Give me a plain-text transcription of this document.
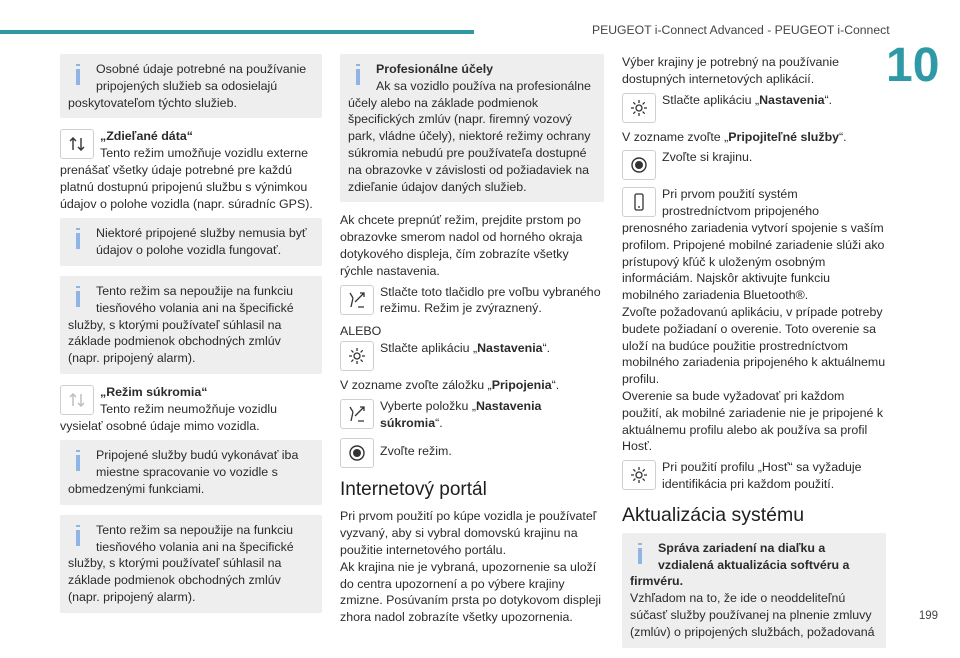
PEUGEOT i-Connect Advanced - PEUGEOT i-Connect
10
199

Osobné údaje potrebné na používanie pripojených služieb sa odosielajú poskytovateľom týchto služieb.

„Zdieľané dáta“

Tento režim umožňuje vozidlu externe prenášať všetky údaje potrebné pre každú platnú dostupnú pripojenú službu s výnimkou údajov o polohe vozidla (napr. súradníc GPS).

Niektoré pripojené služby nemusia byť údajov o polohe vozidla fungovať.

Tento režim sa nepoužije na funkciu tiesňového volania ani na špecifické služby, s ktorými používateľ súhlasil na základe podmienok obchodných zmlúv (napr. pripojený alarm).

„Režim súkromia“

Tento režim neumožňuje vozidlu vysielať osobné údaje mimo vozidla.

Pripojené služby budú vykonávať iba miestne spracovanie vo vozidle s obmedzenými funkciami.

Tento režim sa nepoužije na funkciu tiesňového volania ani na špecifické služby, s ktorými používateľ súhlasil na základe podmienok obchodných zmlúv (napr. pripojený alarm).

Profesionálne účely

Ak sa vozidlo používa na profesionálne účely alebo na základe podmienok špecifických zmlúv (napr. firemný vozový park, vládne účely), niektoré režimy ochrany súkromia nebudú pre používateľa dostupné na obrazovke v závislosti od požiadaviek na zdieľanie údajov daných služieb.

Ak chcete prepnúť režim, prejdite prstom po obrazovke smerom nadol od horného okraja dotykového displeja, čím zobrazíte všetky rýchle nastavenia.

Stlačte toto tlačidlo pre voľbu vybraného režimu. Režim je zvýraznený.

ALEBO

Stlačte aplikáciu „Nastavenia“.

V zozname zvoľte záložku „Pripojenia“.

Vyberte položku „Nastavenia súkromia“.

Zvoľte režim.

Internetový portál

Pri prvom použití po kúpe vozidla je používateľ vyzvaný, aby si vybral domovskú krajinu na použitie internetového portálu.

Ak krajina nie je vybraná, upozornenie sa uloží do centra upozornení a po výbere krajiny zmizne. Posúvaním prsta po dotykovom displeji zhora nadol zobrazíte všetky upozornenia.

Výber krajiny je potrebný na používanie dostupných internetových aplikácií.

Stlačte aplikáciu „Nastavenia“.

V zozname zvoľte „Pripojiteľné služby“.

Zvoľte si krajinu.

Pri prvom použití systém prostredníctvom pripojeného prenosného zariadenia vytvorí spojenie s vaším profilom. Pripojené mobilné zariadenie slúži ako prístupový kľúč k uloženým osobným informáciám. Najskôr aktivujte funkciu mobilného zariadenia Bluetooth®.

Zvoľte požadovanú aplikáciu, v prípade potreby budete požiadaní o overenie. Toto overenie sa uloží na budúce použitie prostredníctvom mobilného zariadenia pripojeného k aktuálnemu profilu.

Overenie sa bude vyžadovať pri každom použití, ak mobilné zariadenie nie je pripojené k aktuálnemu profilu alebo ak používa sa profil Hosť.

Pri použití profilu „Hosť“ sa vyžaduje identifikácia pri každom použití.

Aktualizácia systému

Správa zariadení na diaľku a vzdialená aktualizácia softvéru a firmvéru.

Vzhľadom na to, že ide o neoddeliteľnú súčasť služby používanej na plnenie zmluvy (zmlúv) o pripojených službách, požadovaná
